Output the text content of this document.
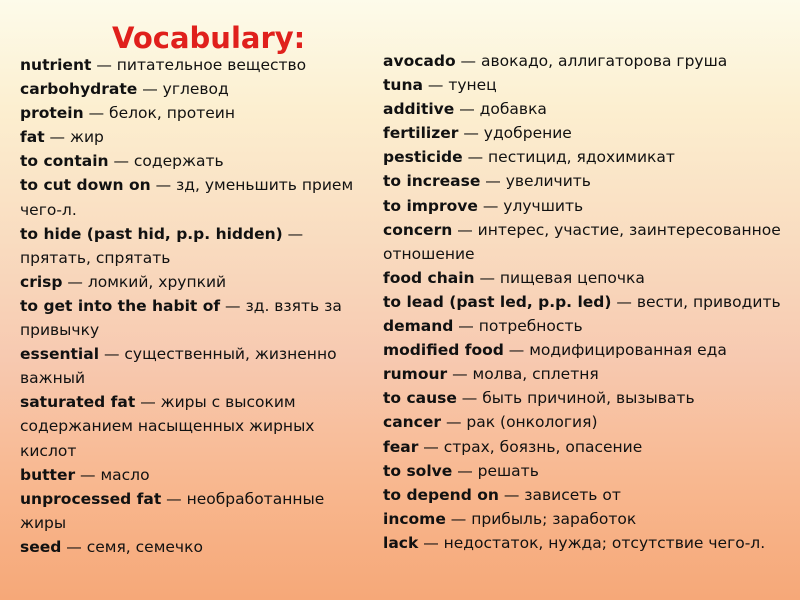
Vocabulary:
nutrient — питательное вещество
carbohydrate — углевод
protein — белок, протеин
fat — жир
to contain — содержать
to cut down on — зд, уменьшить прием чего-л.
to hide (past hid, p.p. hidden) — прятать, спрятать
crisp — ломкий, хрупкий
to get into the habit of — зд. взять за привычку
essential — существенный, жизненно важный
saturated fat — жиры с высоким содержанием насыщенных жирных кислот
butter — масло
unprocessed fat — необработанные жиры
seed — семя, семечко
avocado — авокадо, аллигаторова груша
tuna — тунец
additive — добавка
fertilizer — удобрение
pesticide — пестицид, ядохимикат
to increase — увеличить
to improve — улучшить
concern — интерес, участие, заинтересованное отношение
food chain — пищевая цепочка
to lead (past led, p.p. led) — вести, приводить
demand — потребность
modified food — модифицированная еда
rumour — молва, сплетня
to cause — быть причиной, вызывать
cancer — рак (онкология)
fear — страх, боязнь, опасение
to solve — решать
to depend on — зависеть от
income — прибыль; заработок
lack — недостаток, нужда; отсутствие чего-л.
